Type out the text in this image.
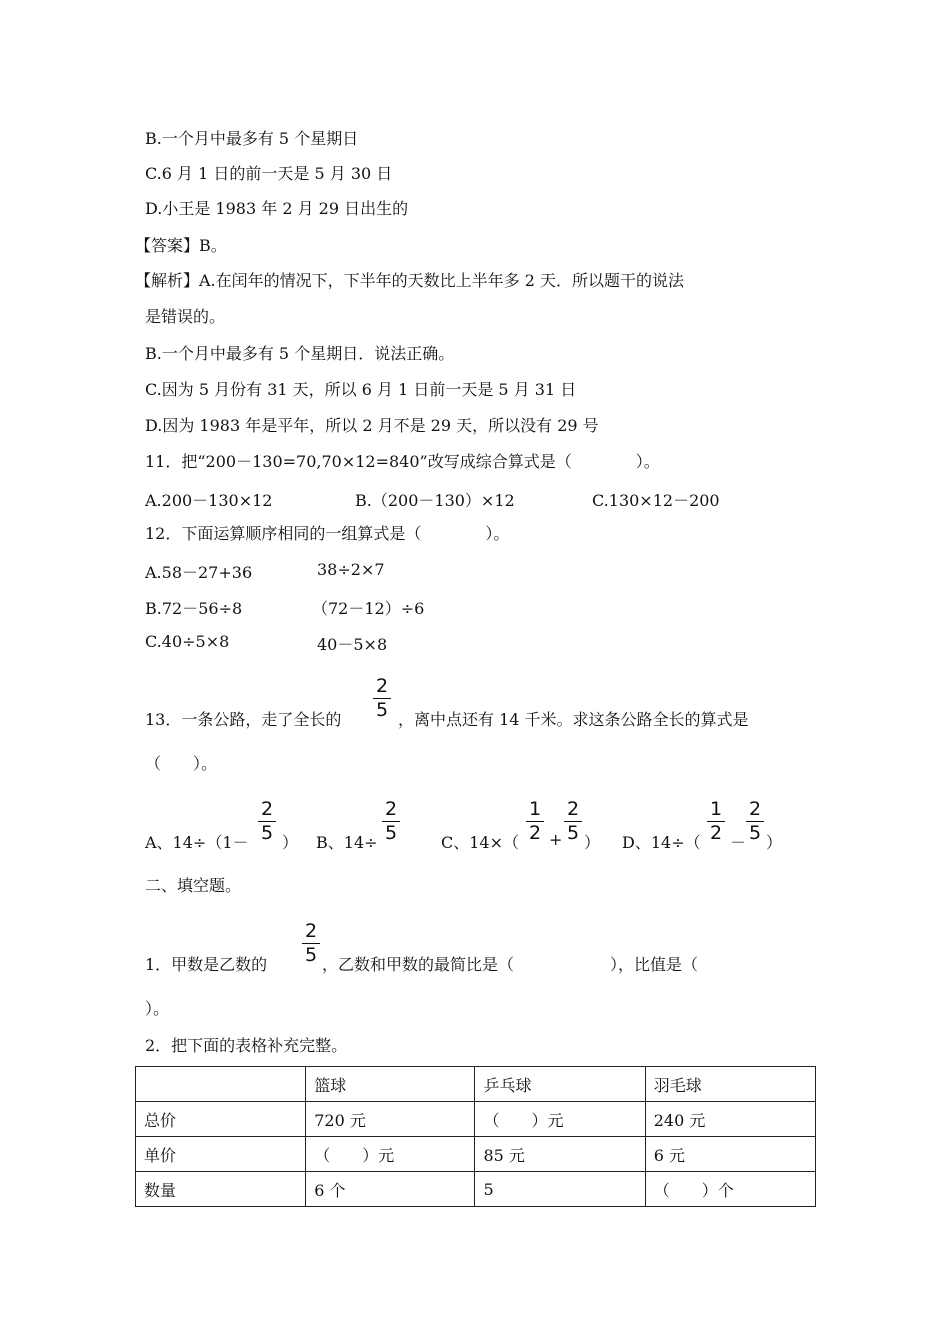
B.一个月中最多有 5 个星期日
C.6 月 1 日的前一天是 5 月 30 日
D.小王是 1983 年 2 月 29 日出生的
【答案】B。
【解析】A.在闰年的情况下，下半年的天数比上半年多 2 天．所以题干的说法
是错误的。
B.一个月中最多有 5 个星期日．说法正确。
C.因为 5 月份有 31 天，所以 6 月 1 日前一天是 5 月 31 日
D.因为 1983 年是平年，所以 2 月不是 29 天，所以没有 29 号
11．把“200－130=70,70×12=840”改写成综合算式是（　　　　）。
A.200－130×12	B.（200－130）×12	C.130×12－200
12．下面运算顺序相同的一组算式是（　　　　）。
A.58－27+36	38÷2×7
B.72－56÷8	（72－12）÷6
C.40÷5×8	40－5×8
13．一条公路，走了全长的	，离中点还有 14 千米。求这条公路全长的算式是
2
5
（　　）。
A、14÷（1－ ） B、14÷	C、14×（ + ） D、14÷（ － ）
2
5
2
5
1
2
2
5
1
2
2
5
二、填空题。
1．甲数是乙数的	，乙数和甲数的最简比是（　　　　　　），比值是（
2
5
）。
2．把下面的表格补充完整。
	篮球	乒乓球	羽毛球
总价	720 元	（　　）元	240 元
单价	（　　）元	85 元	6 元
数量	6 个	5	（　　）个
